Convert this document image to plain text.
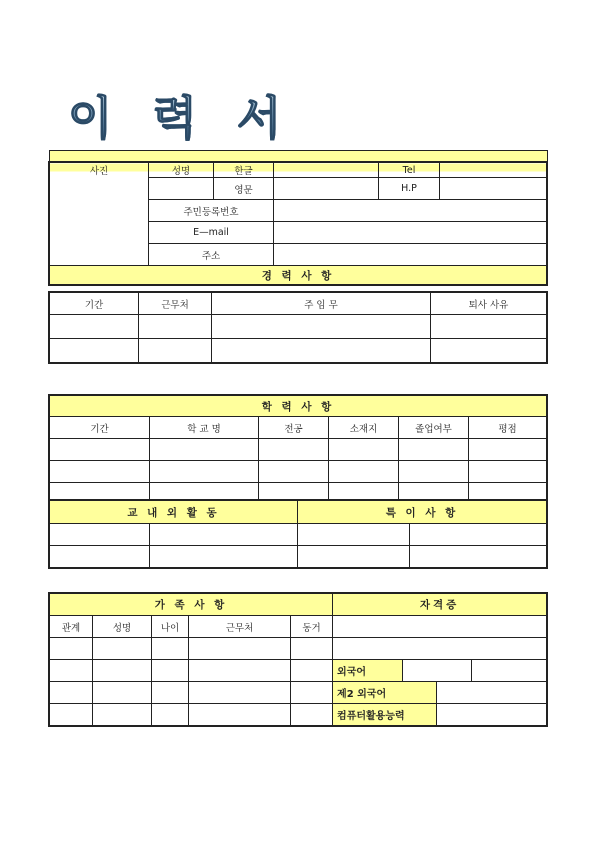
이 력 서
사진	성명	한글		Tel	
		영문		H.P	
	주민등록번호				
	E—mail				
	주소				
경 력 사 항					
기간	근무처	주 임 무	퇴사 사유

학 력 사 항					
기간	학 교 명	전공	소재지	졸업여부	평점

교 내 외 활 동		특 이 사 항	

가 족 사 항					자격증			
관계	성명	나이	근무처	동거				

					외국어			
					제2 외국어			
					컴퓨터활용능력			
